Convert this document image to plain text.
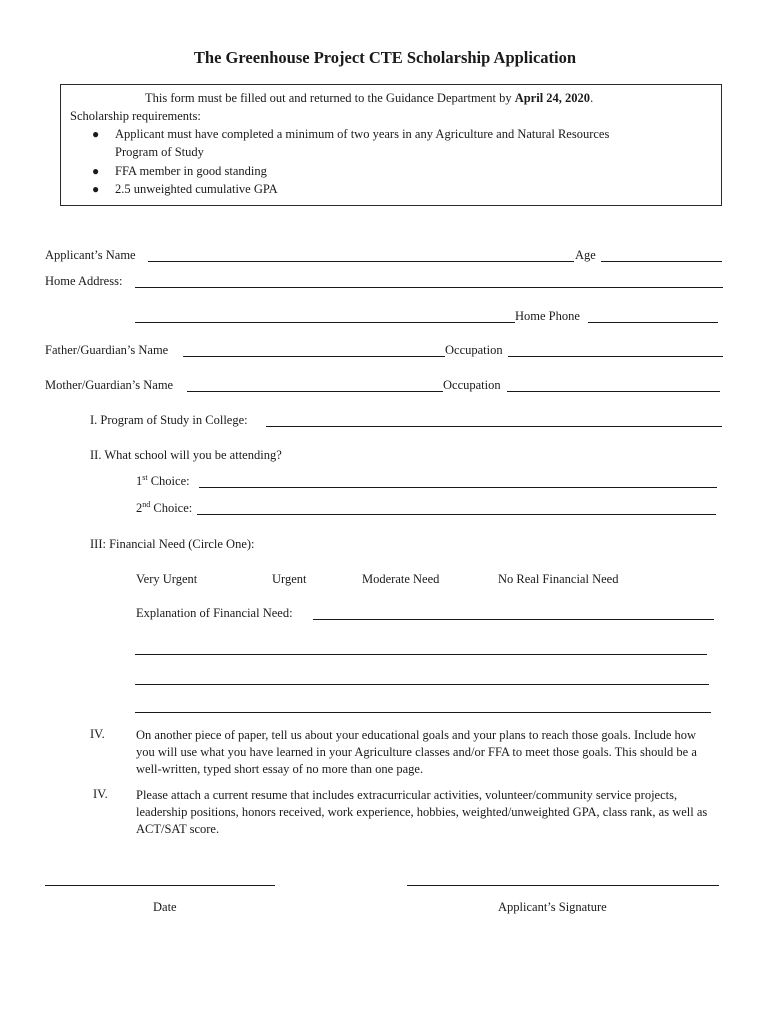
The Greenhouse Project CTE Scholarship Application
This form must be filled out and returned to the Guidance Department by April 24, 2020.
Scholarship requirements:
● Applicant must have completed a minimum of two years in any Agriculture and Natural Resources
Program of Study
● FFA member in good standing
● 2.5 unweighted cumulative GPA
Applicant’s Name	Age
Home Address:
Home Phone
Father/Guardian’s Name	Occupation
Mother/Guardian’s Name	Occupation
I. Program of Study in College:
II. What school will you be attending?
1st Choice:
2nd Choice:
III: Financial Need (Circle One):
Very Urgent	Urgent	Moderate Need	No Real Financial Need
Explanation of Financial Need:
IV.	On another piece of paper, tell us about your educational goals and your plans to reach those goals. Include how you will use what you have learned in your Agriculture classes and/or FFA to meet those goals. This should be a well-written, typed short essay of no more than one page.
IV. Please attach a current resume that includes extracurricular activities, volunteer/community service projects, leadership positions, honors received, work experience, hobbies, weighted/unweighted GPA, class rank, as well as ACT/SAT score.
Date	Applicant’s Signature
